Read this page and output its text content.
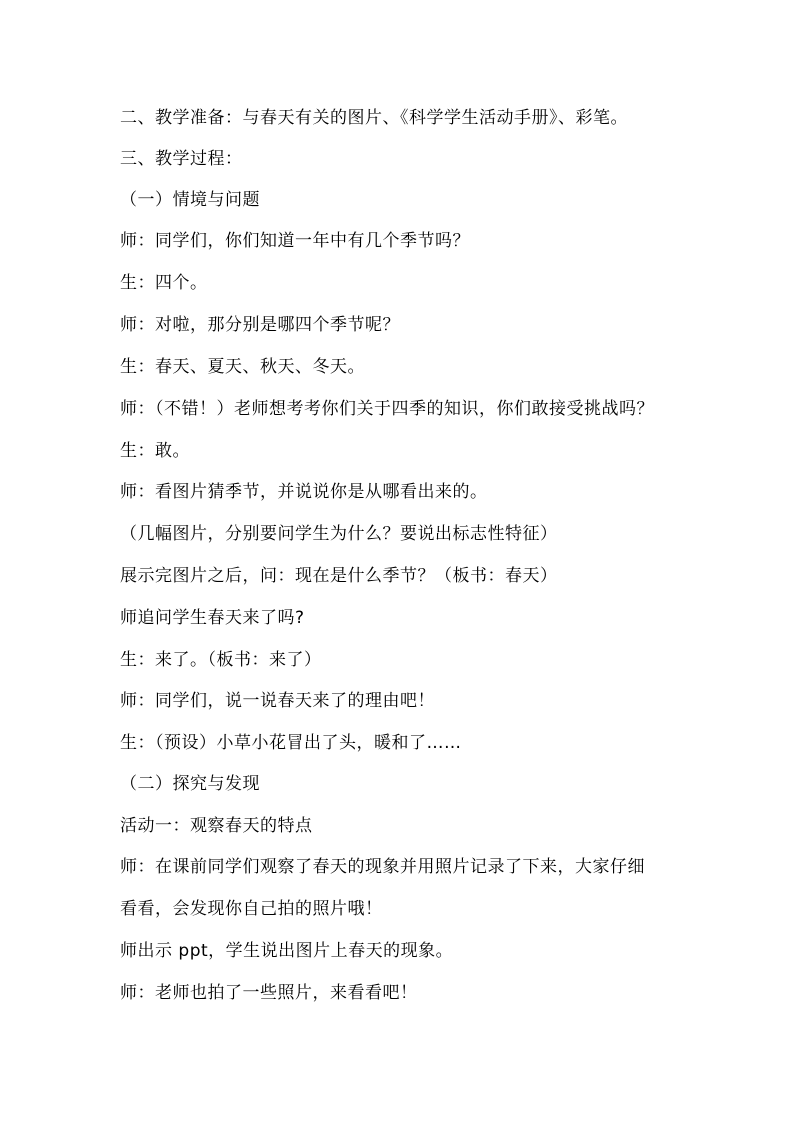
二、教学准备：与春天有关的图片、《科学学生活动手册》、彩笔。
三、教学过程：
（一）情境与问题
师：同学们，你们知道一年中有几个季节吗？
生：四个。
师：对啦，那分别是哪四个季节呢？
生：春天、夏天、秋天、冬天。
师：（不错！）老师想考考你们关于四季的知识，你们敢接受挑战吗？
生：敢。
师：看图片猜季节，并说说你是从哪看出来的。
（几幅图片，分别要问学生为什么？要说出标志性特征）
展示完图片之后，问：现在是什么季节？（板书：春天）
师追问学生春天来了吗?
生：来了。（板书：来了）
师：同学们，说一说春天来了的理由吧！
生：（预设）小草小花冒出了头，暖和了……
（二）探究与发现
活动一：观察春天的特点
师：在课前同学们观察了春天的现象并用照片记录了下来，大家仔细
看看，会发现你自己拍的照片哦！
师出示 ppt，学生说出图片上春天的现象。
师：老师也拍了一些照片，来看看吧！
